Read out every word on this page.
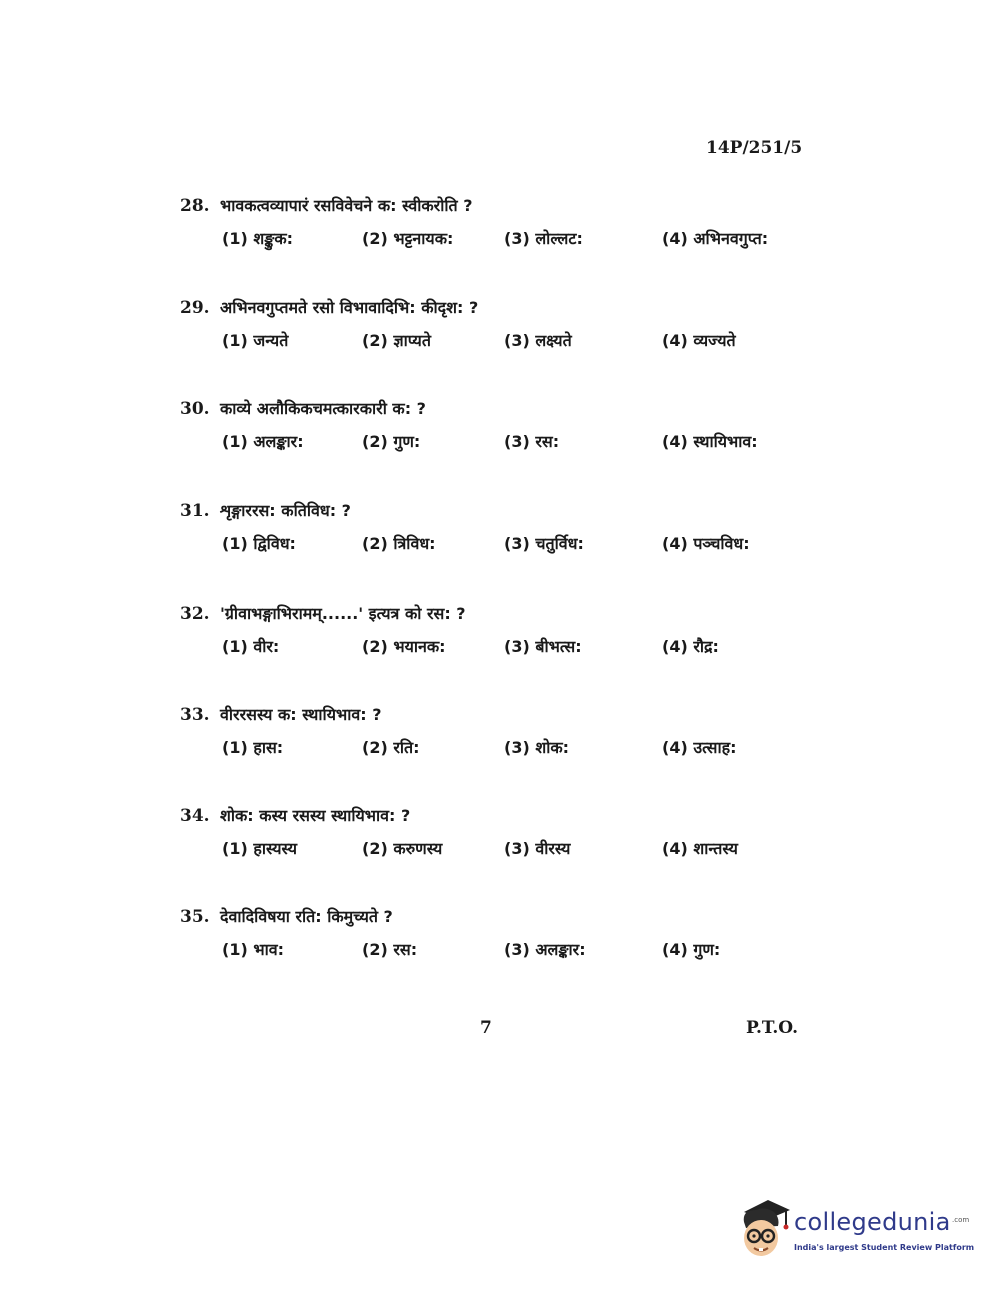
14P/251/5
28. भावकत्वव्यापारं रसविवेचने क: स्वीकरोति ?
(1) शङ्कुक:	(2) भट्टनायक:	(3) लोल्लट:	(4) अभिनवगुप्त:
29. अभिनवगुप्तमते रसो विभावादिभि: कीदृश: ?
(1) जन्यते	(2) ज्ञाप्यते	(3) लक्ष्यते	(4) व्यज्यते
30. काव्ये अलौकिकचमत्कारकारी क: ?
(1) अलङ्कार:	(2) गुण:	(3) रस:	(4) स्थायिभाव:
31. शृङ्गाररस: कतिविध: ?
(1) द्विविध:	(2) त्रिविध:	(3) चतुर्विध:	(4) पञ्चविध:
32. 'ग्रीवाभङ्गाभिरामम्......' इत्यत्र को रस: ?
(1) वीर:	(2) भयानक:	(3) बीभत्स:	(4) रौद्र:
33. वीररसस्य क: स्थायिभाव: ?
(1) हास:	(2) रति:	(3) शोक:	(4) उत्साह:
34. शोक: कस्य रसस्य स्थायिभाव: ?
(1) हास्यस्य	(2) करुणस्य	(3) वीरस्य	(4) शान्तस्य
35. देवादिविषया रति: किमुच्यते ?
(1) भाव:	(2) रस:	(3) अलङ्कार:	(4) गुण:
7	P.T.O.
collegedunia .com
India's largest Student Review Platform
